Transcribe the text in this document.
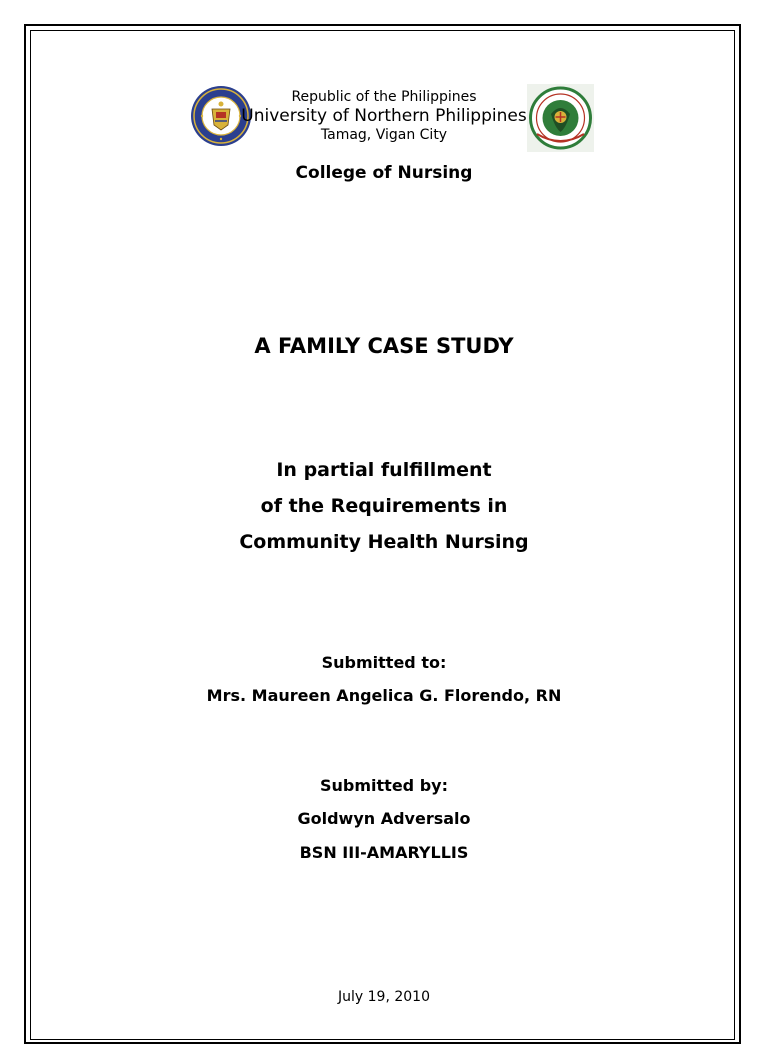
Republic of the Philippines
University of Northern Philippines
Tamag, Vigan City
College of Nursing
A FAMILY CASE STUDY
In partial fulfillment
of the Requirements in
Community Health Nursing
Submitted to:
Mrs. Maureen Angelica G. Florendo, RN
Submitted by:
Goldwyn Adversalo
BSN III-AMARYLLIS
July 19, 2010
